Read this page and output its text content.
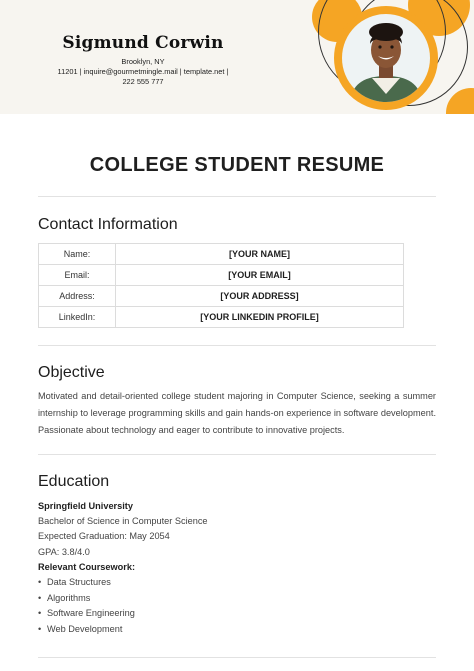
Sigmund Corwin
Brooklyn, NY
11201 | inquire@gourmetmingle.mail | template.net |
222 555 777
COLLEGE STUDENT RESUME
Contact Information
Name:	[YOUR NAME]
Email:	[YOUR EMAIL]
Address:	[YOUR ADDRESS]
LinkedIn:	[YOUR LINKEDIN PROFILE]
Objective
Motivated and detail-oriented college student majoring in Computer Science, seeking a summer internship to leverage programming skills and gain hands-on experience in software development. Passionate about technology and eager to contribute to innovative projects.
Education
Springfield University
Bachelor of Science in Computer Science
Expected Graduation: May 2054
GPA: 3.8/4.0
Relevant Coursework:
• Data Structures
• Algorithms
• Software Engineering
• Web Development
